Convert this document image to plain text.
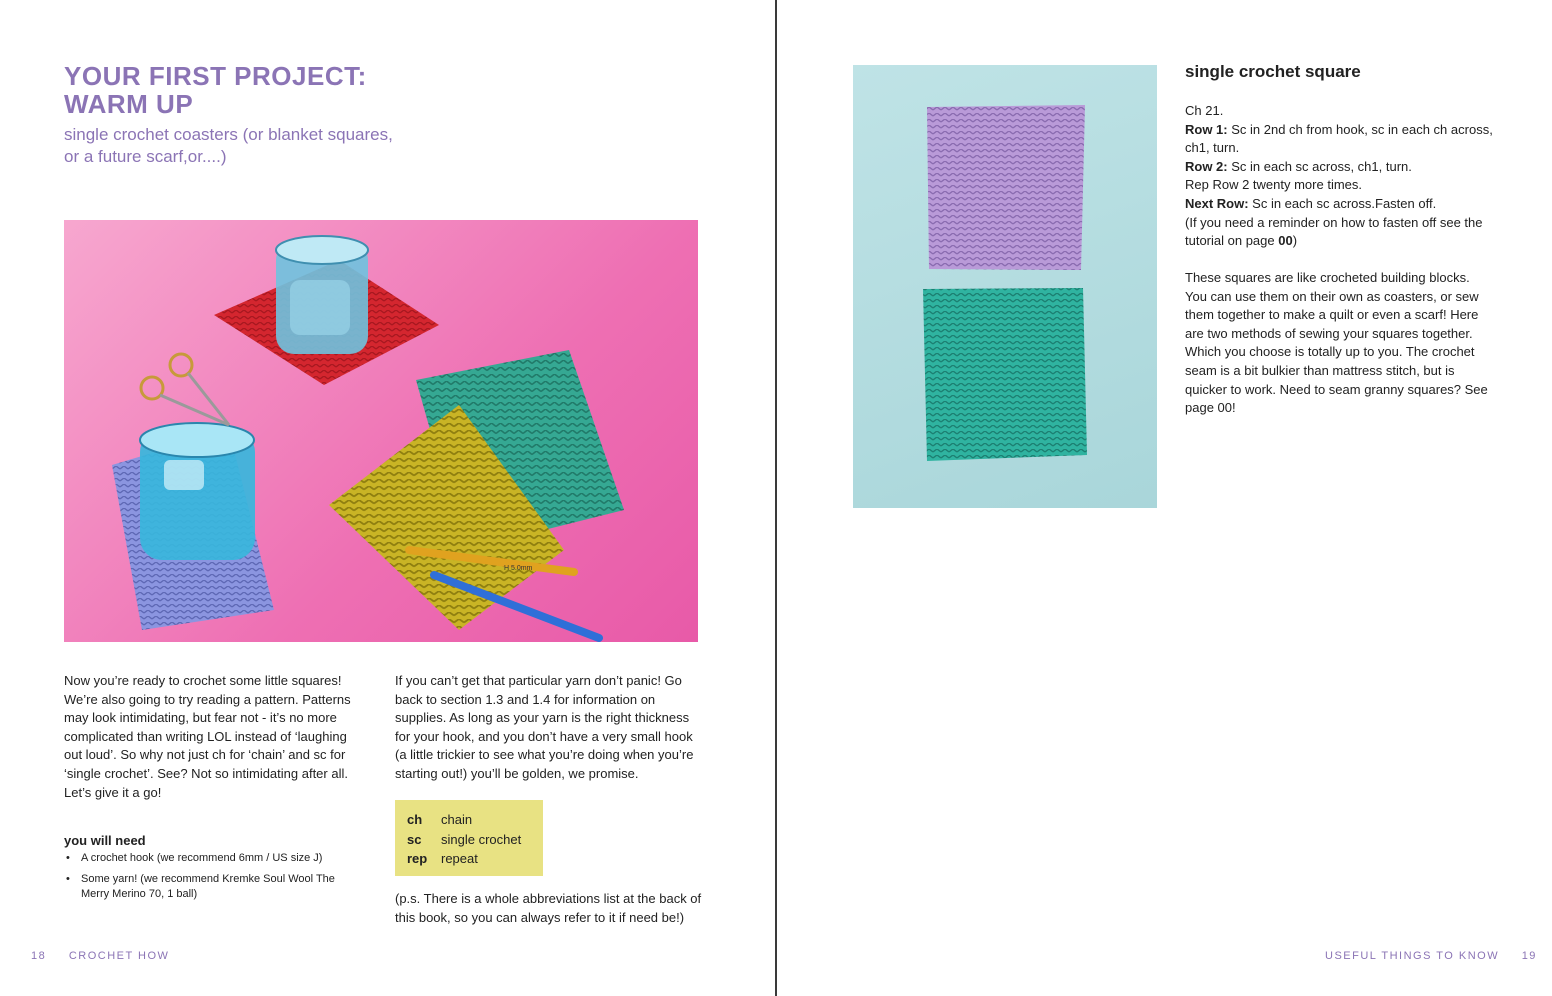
YOUR FIRST PROJECT:
WARM UP
single crochet coasters (or blanket squares, or a future scarf,or....)
H 5.0mm
Now you’re ready to crochet some little squares! We’re also going to try reading a pattern. Patterns may look intimidating, but fear not - it’s no more complicated than writing LOL instead of ‘laughing out loud’. So why not just ch for ‘chain’ and sc for ‘single crochet’. See? Not so intimidating after all. Let’s give it a go!
you will need
• A crochet hook (we recommend 6mm / US size J)
• Some yarn! (we recommend Kremke Soul Wool The Merry Merino 70, 1 ball)
If you can’t get that particular yarn don’t panic! Go back to section 1.3 and 1.4 for information on supplies. As long as your yarn is the right thickness for your hook, and you don’t have a very small hook (a little trickier to see what you’re doing when you’re starting out!) you’ll be golden, we promise.
ch	chain
sc	single crochet
rep	repeat
(p.s. There is a whole abbreviations list at the back of this book, so you can always refer to it if need be!)
18 CROCHET HOW
single crochet square
Ch 21.
Row 1: Sc in 2nd ch from hook, sc in each ch across, ch1, turn.
Row 2: Sc in each sc across, ch1, turn.
Rep Row 2 twenty more times.
Next Row: Sc in each sc across.Fasten off.
(If you need a reminder on how to fasten off see the tutorial on page 00)
These squares are like crocheted building blocks. You can use them on their own as coasters, or sew them together to make a quilt or even a scarf! Here are two methods of sewing your squares together. Which you choose is totally up to you. The crochet seam is a bit bulkier than mattress stitch, but is quicker to work. Need to seam granny squares? See page 00!
USEFUL THINGS TO KNOW 19
